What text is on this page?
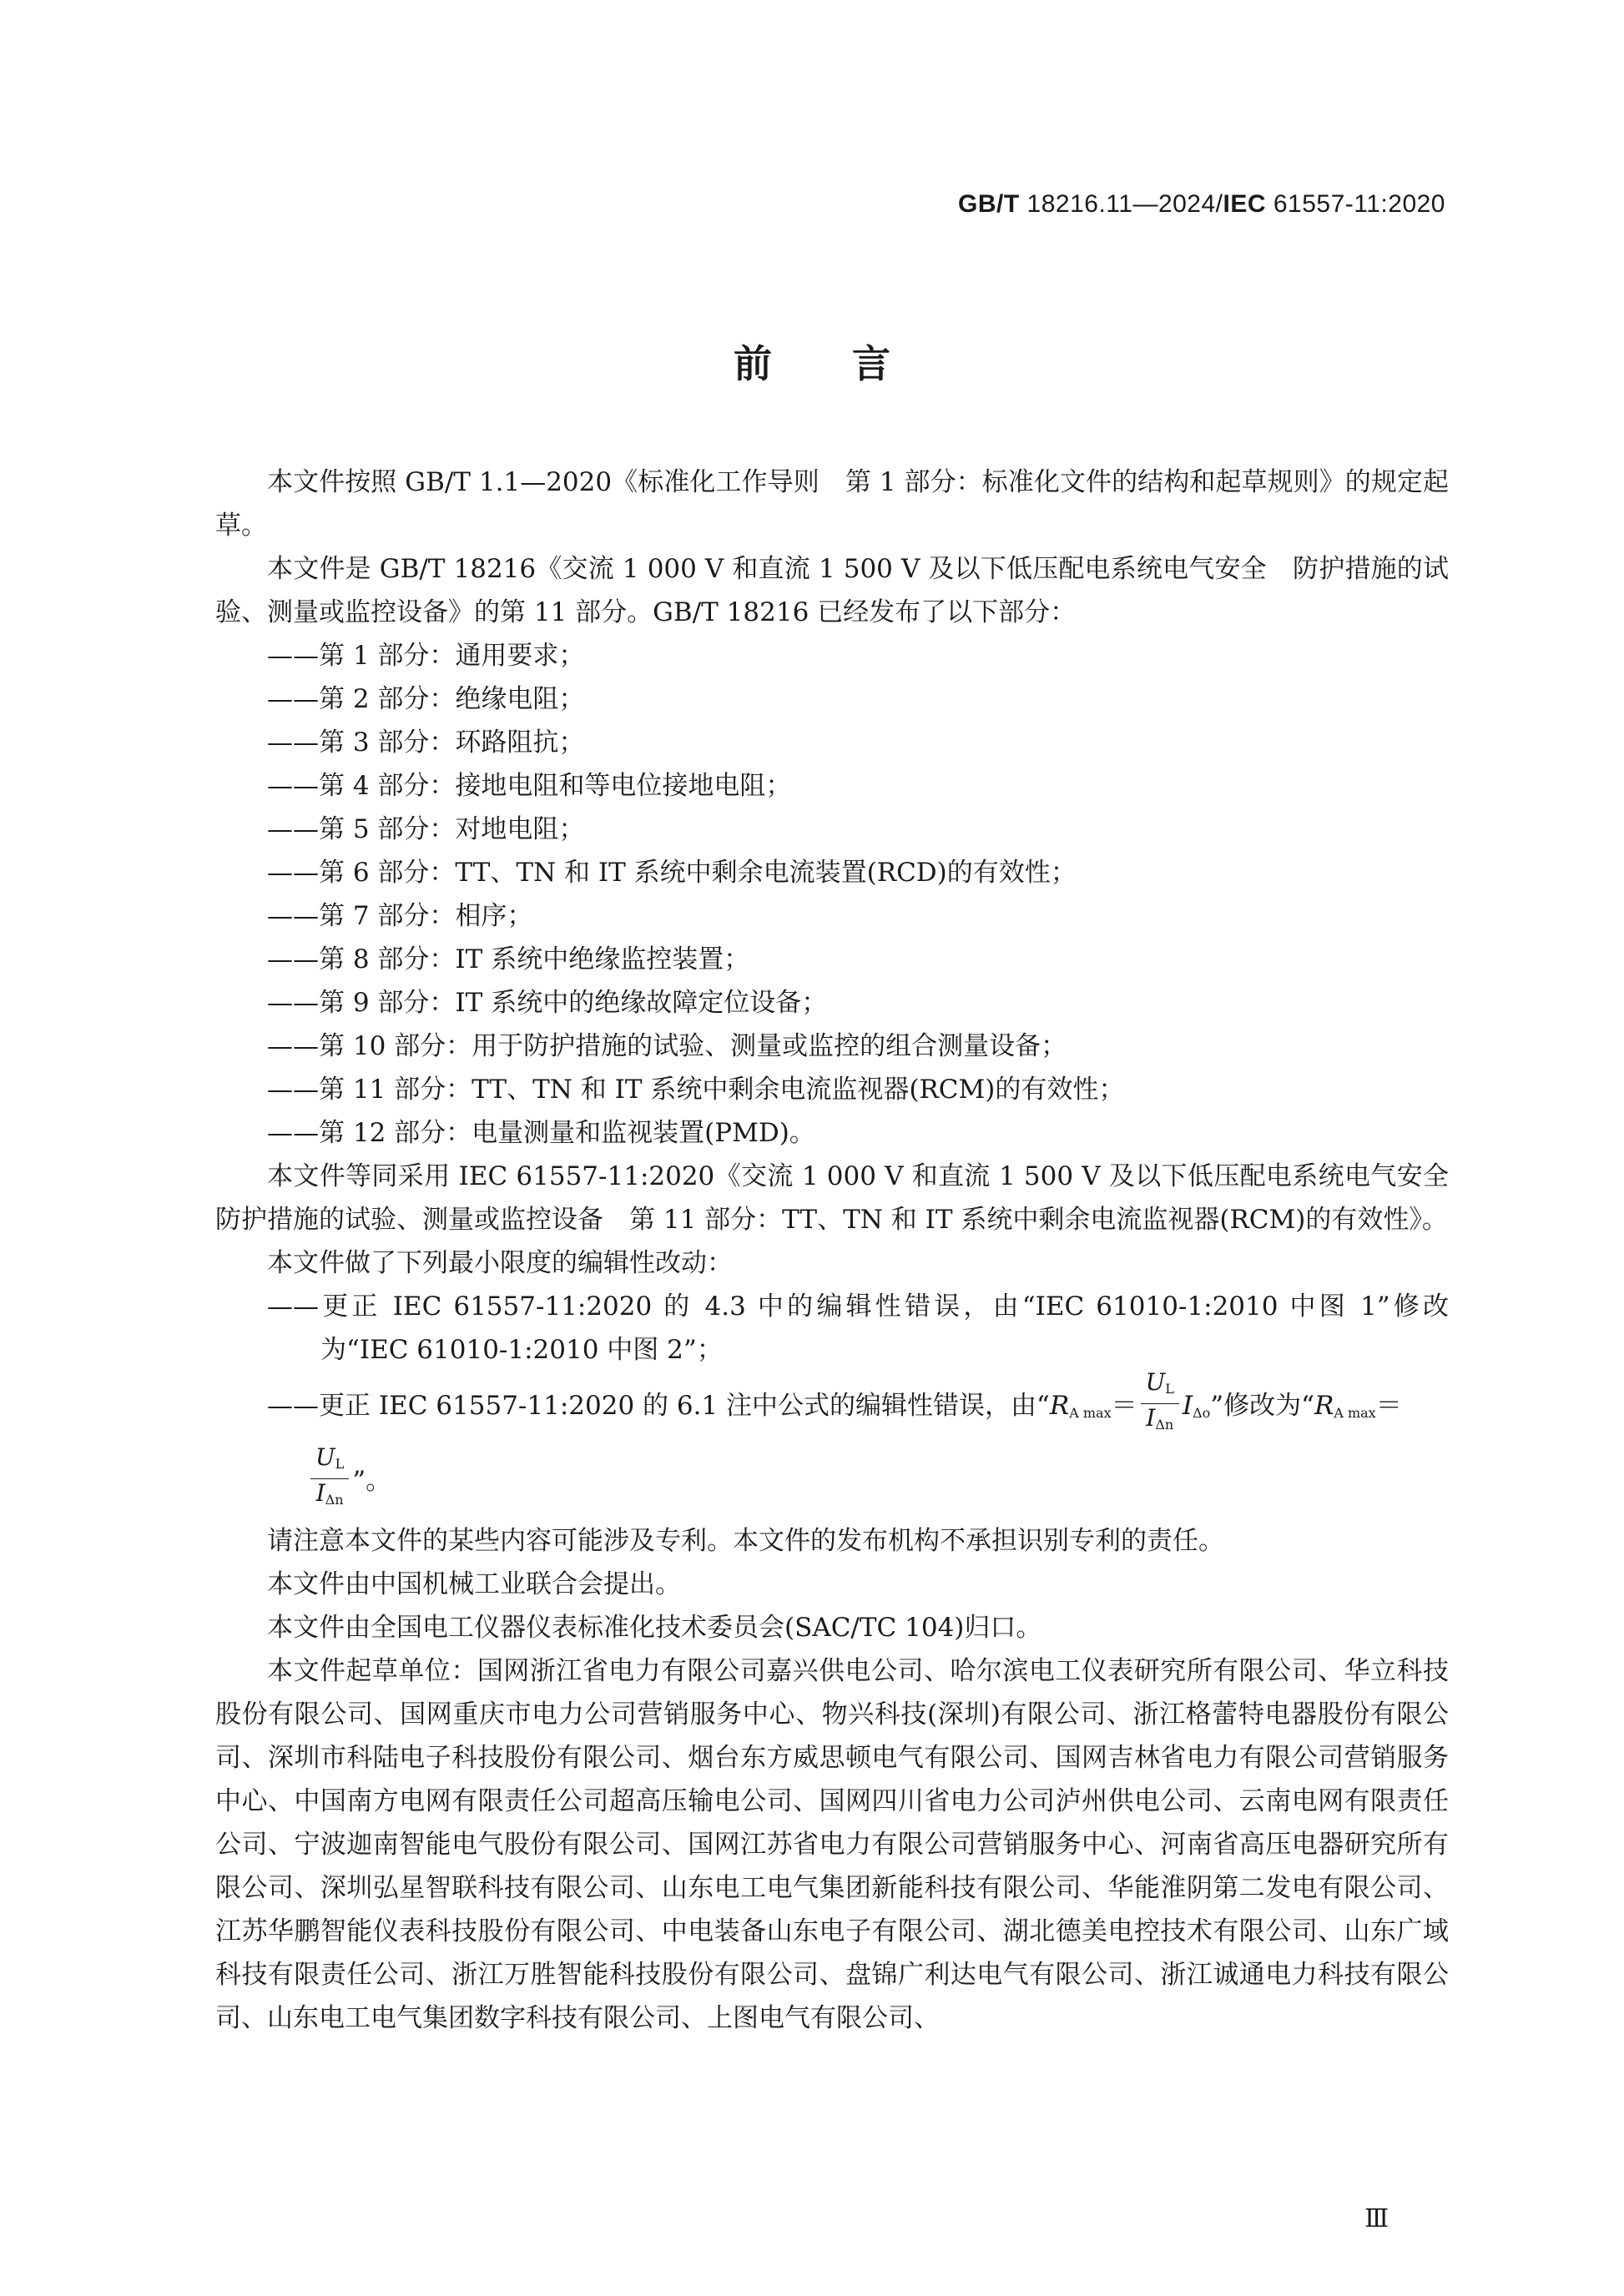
GB/T 18216.11—2024/IEC 61557-11:2020
前言

本文件按照 GB/T 1.1—2020《标准化工作导则　第 1 部分：标准化文件的结构和起草规则》的规定起草。

本文件是 GB/T 18216《交流 1 000 V 和直流 1 500 V 及以下低压配电系统电气安全　防护措施的试验、测量或监控设备》的第 11 部分。GB/T 18216 已经发布了以下部分：

——第 1 部分：通用要求；

——第 2 部分：绝缘电阻；

——第 3 部分：环路阻抗；

——第 4 部分：接地电阻和等电位接地电阻；

——第 5 部分：对地电阻；

——第 6 部分：TT、TN 和 IT 系统中剩余电流装置(RCD)的有效性；

——第 7 部分：相序；

——第 8 部分：IT 系统中绝缘监控装置；

——第 9 部分：IT 系统中的绝缘故障定位设备；

——第 10 部分：用于防护措施的试验、测量或监控的组合测量设备；

——第 11 部分：TT、TN 和 IT 系统中剩余电流监视器(RCM)的有效性；

——第 12 部分：电量测量和监视装置(PMD)。

本文件等同采用 IEC 61557-11:2020《交流 1 000 V 和直流 1 500 V 及以下低压配电系统电气安全　防护措施的试验、测量或监控设备　第 11 部分：TT、TN 和 IT 系统中剩余电流监视器(RCM)的有效性》。

本文件做了下列最小限度的编辑性改动：

——更正 IEC 61557-11:2020 的 4.3 中的编辑性错误，由“IEC 61010-1:2010 中图 1”修改为“IEC 61010-1:2010 中图 2”；

——更正 IEC 61557-11:2020 的 6.1 注中公式的编辑性错误，由“$R_{A max}= \frac{U_L}{I_{\Delta n}} I_{\Delta o}$”修改为“$R_{A max}=$

$\frac{U_L}{I_{\Delta n}}$ ”。

请注意本文件的某些内容可能涉及专利。本文件的发布机构不承担识别专利的责任。

本文件由中国机械工业联合会提出。

本文件由全国电工仪器仪表标准化技术委员会(SAC/TC 104)归口。

本文件起草单位：国网浙江省电力有限公司嘉兴供电公司、哈尔滨电工仪表研究所有限公司、华立科技股份有限公司、国网重庆市电力公司营销服务中心、物兴科技(深圳)有限公司、浙江格蕾特电器股份有限公司、深圳市科陆电子科技股份有限公司、烟台东方威思顿电气有限公司、国网吉林省电力有限公司营销服务中心、中国南方电网有限责任公司超高压输电公司、国网四川省电力公司泸州供电公司、云南电网有限责任公司、宁波迦南智能电气股份有限公司、国网江苏省电力有限公司营销服务中心、河南省高压电器研究所有限公司、深圳弘星智联科技有限公司、山东电工电气集团新能科技有限公司、华能淮阴第二发电有限公司、江苏华鹏智能仪表科技股份有限公司、中电装备山东电子有限公司、湖北德美电控技术有限公司、山东广域科技有限责任公司、浙江万胜智能科技股份有限公司、盘锦广利达电气有限公司、浙江诚通电力科技有限公司、山东电工电气集团数字科技有限公司、上图电气有限公司、

Ⅲ
